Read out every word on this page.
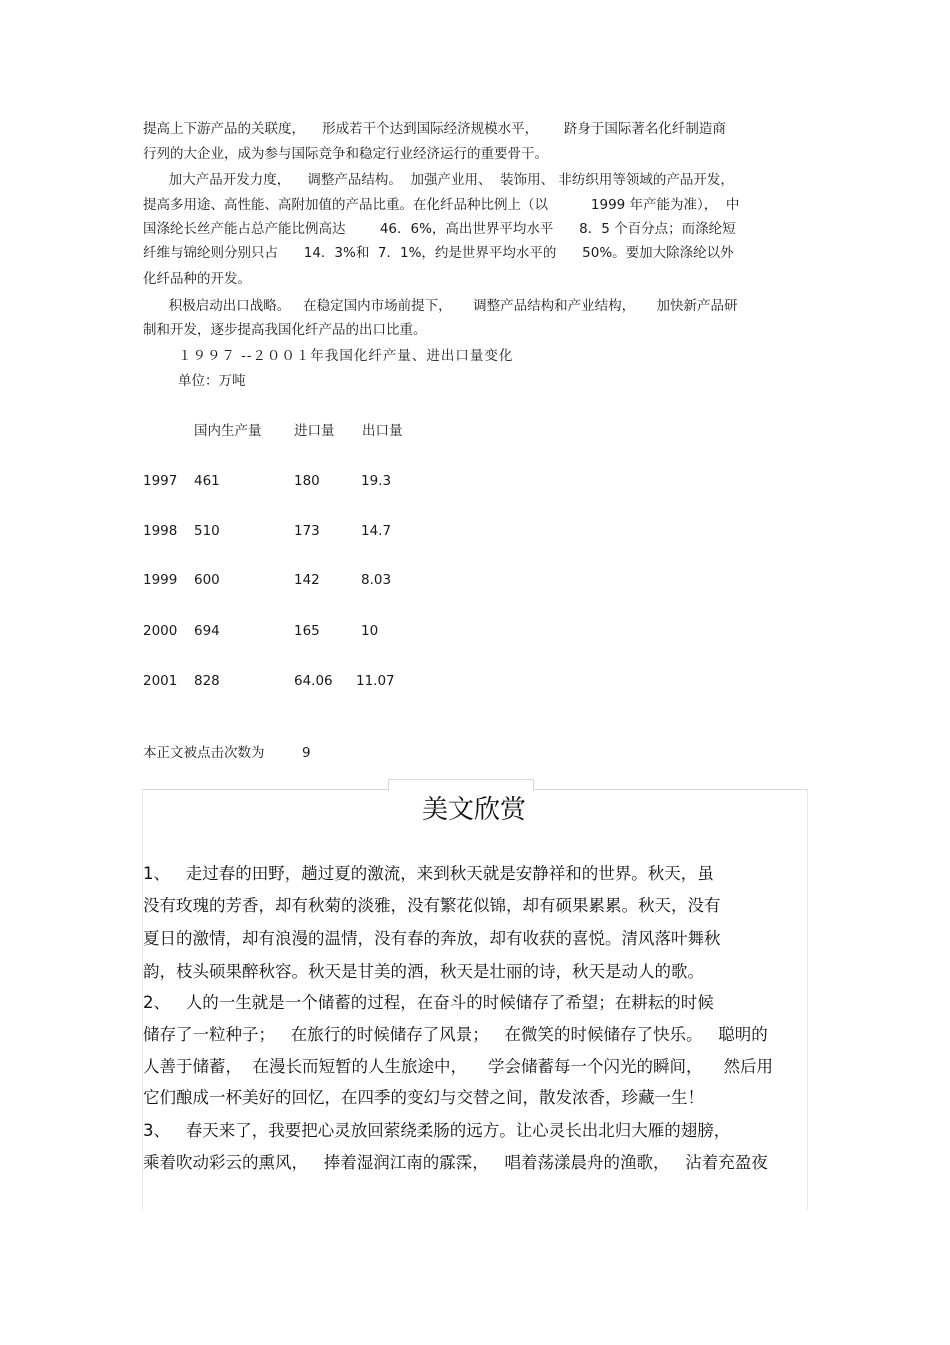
提高上下游产品的关联度，    形成若干个达到国际经济规模水平，      跻身于国际著名化纤制造商
行列的大企业，成为参与国际竞争和稳定行业经济运行的重要骨干。
加大产品开发力度，    调整产品结构。  加强产业用、  装饰用、 非纺织用等领域的产品开发，
提高多用途、高性能、高附加值的产品比重。在化纤品种比例上（以          1999 年产能为准），  中
国涤纶长丝产能占总产能比例高达        46．6%，高出世界平均水平      8．5 个百分点；而涤纶短
纤维与锦纶则分别只占      14．3%和  7．1%，约是世界平均水平的      50%。要加大除涤纶以外
化纤品种的开发。
积极启动出口战略。   在稳定国内市场前提下，     调整产品结构和产业结构，     加快新产品研
制和开发，逐步提高我国化纤产品的出口比重。
１９９７ --２００１年我国化纤产量、进出口量变化
单位：万吨
国内生产量 进口量 出口量
1997 461	180	19.3
1998 510	173	14.7
1999 600	142	8.03
2000 694	165	10
2001 828	64.06 11.07
本正文被点击次数为	9
美文欣赏
1、   走过春的田野，趟过夏的激流，来到秋天就是安静祥和的世界。秋天，虽
没有玫瑰的芳香，却有秋菊的淡雅，没有繁花似锦，却有硕果累累。秋天，没有
夏日的激情，却有浪漫的温情，没有春的奔放，却有收获的喜悦。清风落叶舞秋
韵，枝头硕果醉秋容。秋天是甘美的酒，秋天是壮丽的诗，秋天是动人的歌。
2、   人的一生就是一个储蓄的过程，在奋斗的时候储存了希望；在耕耘的时候
储存了一粒种子；   在旅行的时候储存了风景；   在微笑的时候储存了快乐。   聪明的
人善于储蓄，  在漫长而短暂的人生旅途中，    学会储蓄每一个闪光的瞬间，    然后用
它们酿成一杯美好的回忆，在四季的变幻与交替之间，散发浓香，珍藏一生！
3、   春天来了，我要把心灵放回萦绕柔肠的远方。让心灵长出北归大雁的翅膀，
乘着吹动彩云的熏风，   捧着湿润江南的霡霂，   唱着荡漾晨舟的渔歌，   沾着充盈夜
